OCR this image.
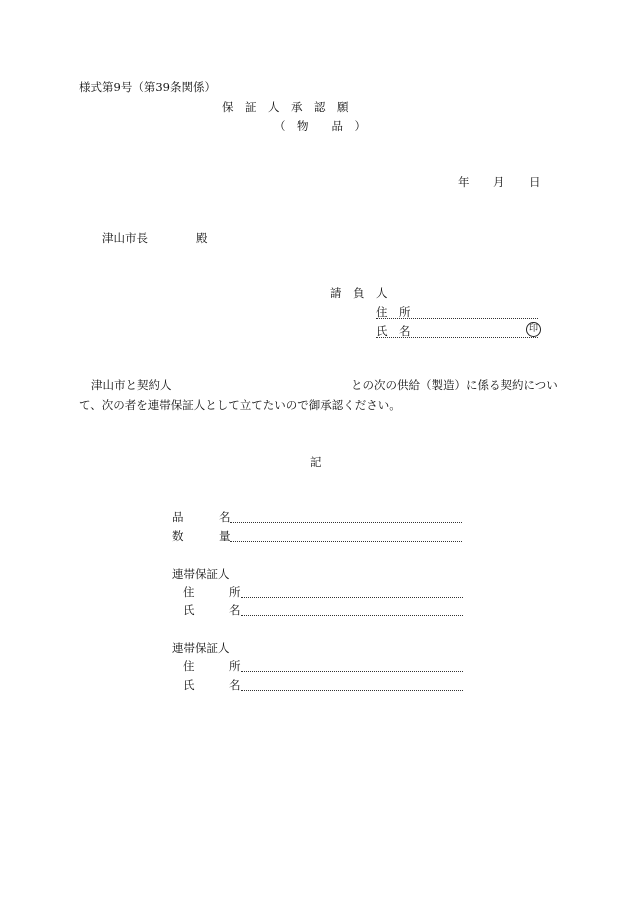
様式第9号（第39条関係）
保　証　人　承　認　願
（　物　　品　）
年 月 日
津山市長	殿
請　負　人
住　所
氏　名	印
津山市と契約人	との次の供給（製造）に係る契約につい
て、次の者を連帯保証人として立てたいので御承認ください。
記
品	名
数	量
連帯保証人
住	所
氏	名
連帯保証人
住	所
氏	名
